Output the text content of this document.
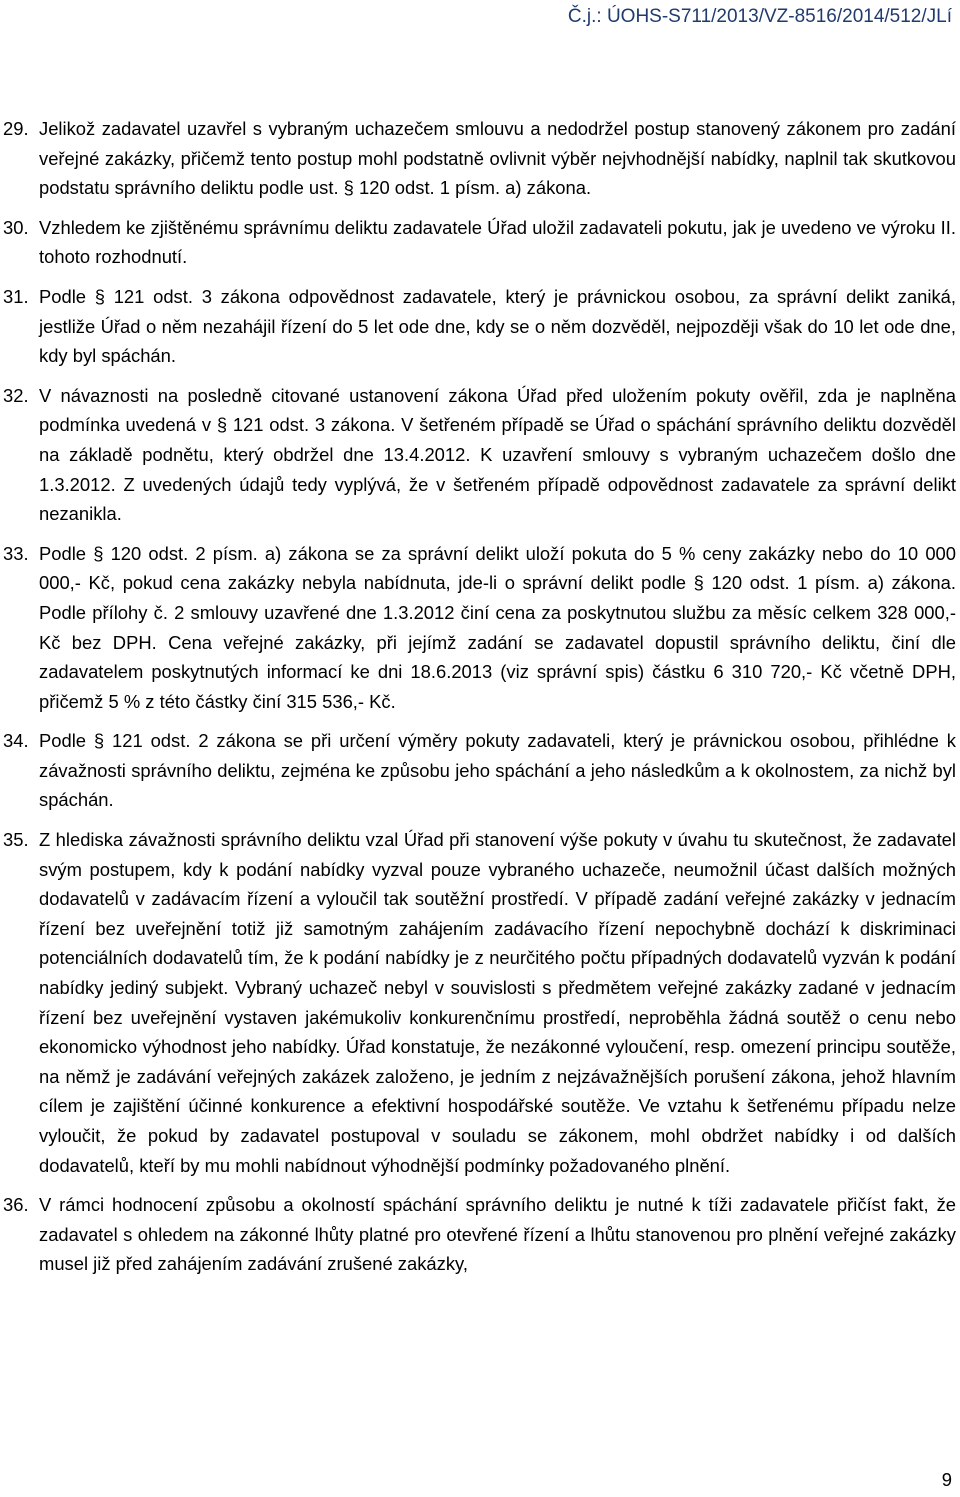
Č.j.: ÚOHS-S711/2013/VZ-8516/2014/512/JLí
29. Jelikož zadavatel uzavřel s vybraným uchazečem smlouvu a nedodržel postup stanovený zákonem pro zadání veřejné zakázky, přičemž tento postup mohl podstatně ovlivnit výběr nejvhodnější nabídky, naplnil tak skutkovou podstatu správního deliktu podle ust. § 120 odst. 1 písm. a) zákona.
30. Vzhledem ke zjištěnému správnímu deliktu zadavatele Úřad uložil zadavateli pokutu, jak je uvedeno ve výroku II. tohoto rozhodnutí.
31. Podle § 121 odst. 3 zákona odpovědnost zadavatele, který je právnickou osobou, za správní delikt zaniká, jestliže Úřad o něm nezahájil řízení do 5 let ode dne, kdy se o něm dozvěděl, nejpozději však do 10 let ode dne, kdy byl spáchán.
32. V návaznosti na posledně citované ustanovení zákona Úřad před uložením pokuty ověřil, zda je naplněna podmínka uvedená v § 121 odst. 3 zákona. V šetřeném případě se Úřad o spáchání správního deliktu dozvěděl na základě podnětu, který obdržel dne 13.4.2012. K uzavření smlouvy s vybraným uchazečem došlo dne 1.3.2012. Z uvedených údajů tedy vyplývá, že v šetřeném případě odpovědnost zadavatele za správní delikt nezanikla.
33. Podle § 120 odst. 2 písm. a) zákona se za správní delikt uloží pokuta do 5 % ceny zakázky nebo do 10 000 000,- Kč, pokud cena zakázky nebyla nabídnuta, jde-li o správní delikt podle § 120 odst. 1 písm. a) zákona. Podle přílohy č. 2 smlouvy uzavřené dne 1.3.2012 činí cena za poskytnutou službu za měsíc celkem 328 000,- Kč bez DPH. Cena veřejné zakázky, při jejímž zadání se zadavatel dopustil správního deliktu, činí dle zadavatelem poskytnutých informací ke dni 18.6.2013 (viz správní spis) částku 6 310 720,- Kč včetně DPH, přičemž 5 % z této částky činí 315 536,- Kč.
34. Podle § 121 odst. 2 zákona se při určení výměry pokuty zadavateli, který je právnickou osobou, přihlédne k závažnosti správního deliktu, zejména ke způsobu jeho spáchání a jeho následkům a k okolnostem, za nichž byl spáchán.
35. Z hlediska závažnosti správního deliktu vzal Úřad při stanovení výše pokuty v úvahu tu skutečnost, že zadavatel svým postupem, kdy k podání nabídky vyzval pouze vybraného uchazeče, neumožnil účast dalších možných dodavatelů v zadávacím řízení a vyloučil tak soutěžní prostředí. V případě zadání veřejné zakázky v jednacím řízení bez uveřejnění totiž již samotným zahájením zadávacího řízení nepochybně dochází k diskriminaci potenciálních dodavatelů tím, že k podání nabídky je z neurčitého počtu případných dodavatelů vyzván k podání nabídky jediný subjekt. Vybraný uchazeč nebyl v souvislosti s předmětem veřejné zakázky zadané v jednacím řízení bez uveřejnění vystaven jakémukoliv konkurenčnímu prostředí, neproběhla žádná soutěž o cenu nebo ekonomicko výhodnost jeho nabídky. Úřad konstatuje, že nezákonné vyloučení, resp. omezení principu soutěže, na němž je zadávání veřejných zakázek založeno, je jedním z nejzávažnějších porušení zákona, jehož hlavním cílem je zajištění účinné konkurence a efektivní hospodářské soutěže. Ve vztahu k šetřenému případu nelze vyloučit, že pokud by zadavatel postupoval v souladu se zákonem, mohl obdržet nabídky i od dalších dodavatelů, kteří by mu mohli nabídnout výhodnější podmínky požadovaného plnění.
36. V rámci hodnocení způsobu a okolností spáchání správního deliktu je nutné k tíži zadavatele přičíst fakt, že zadavatel s ohledem na zákonné lhůty platné pro otevřené řízení a lhůtu stanovenou pro plnění veřejné zakázky musel již před zahájením zadávání zrušené zakázky,
9
